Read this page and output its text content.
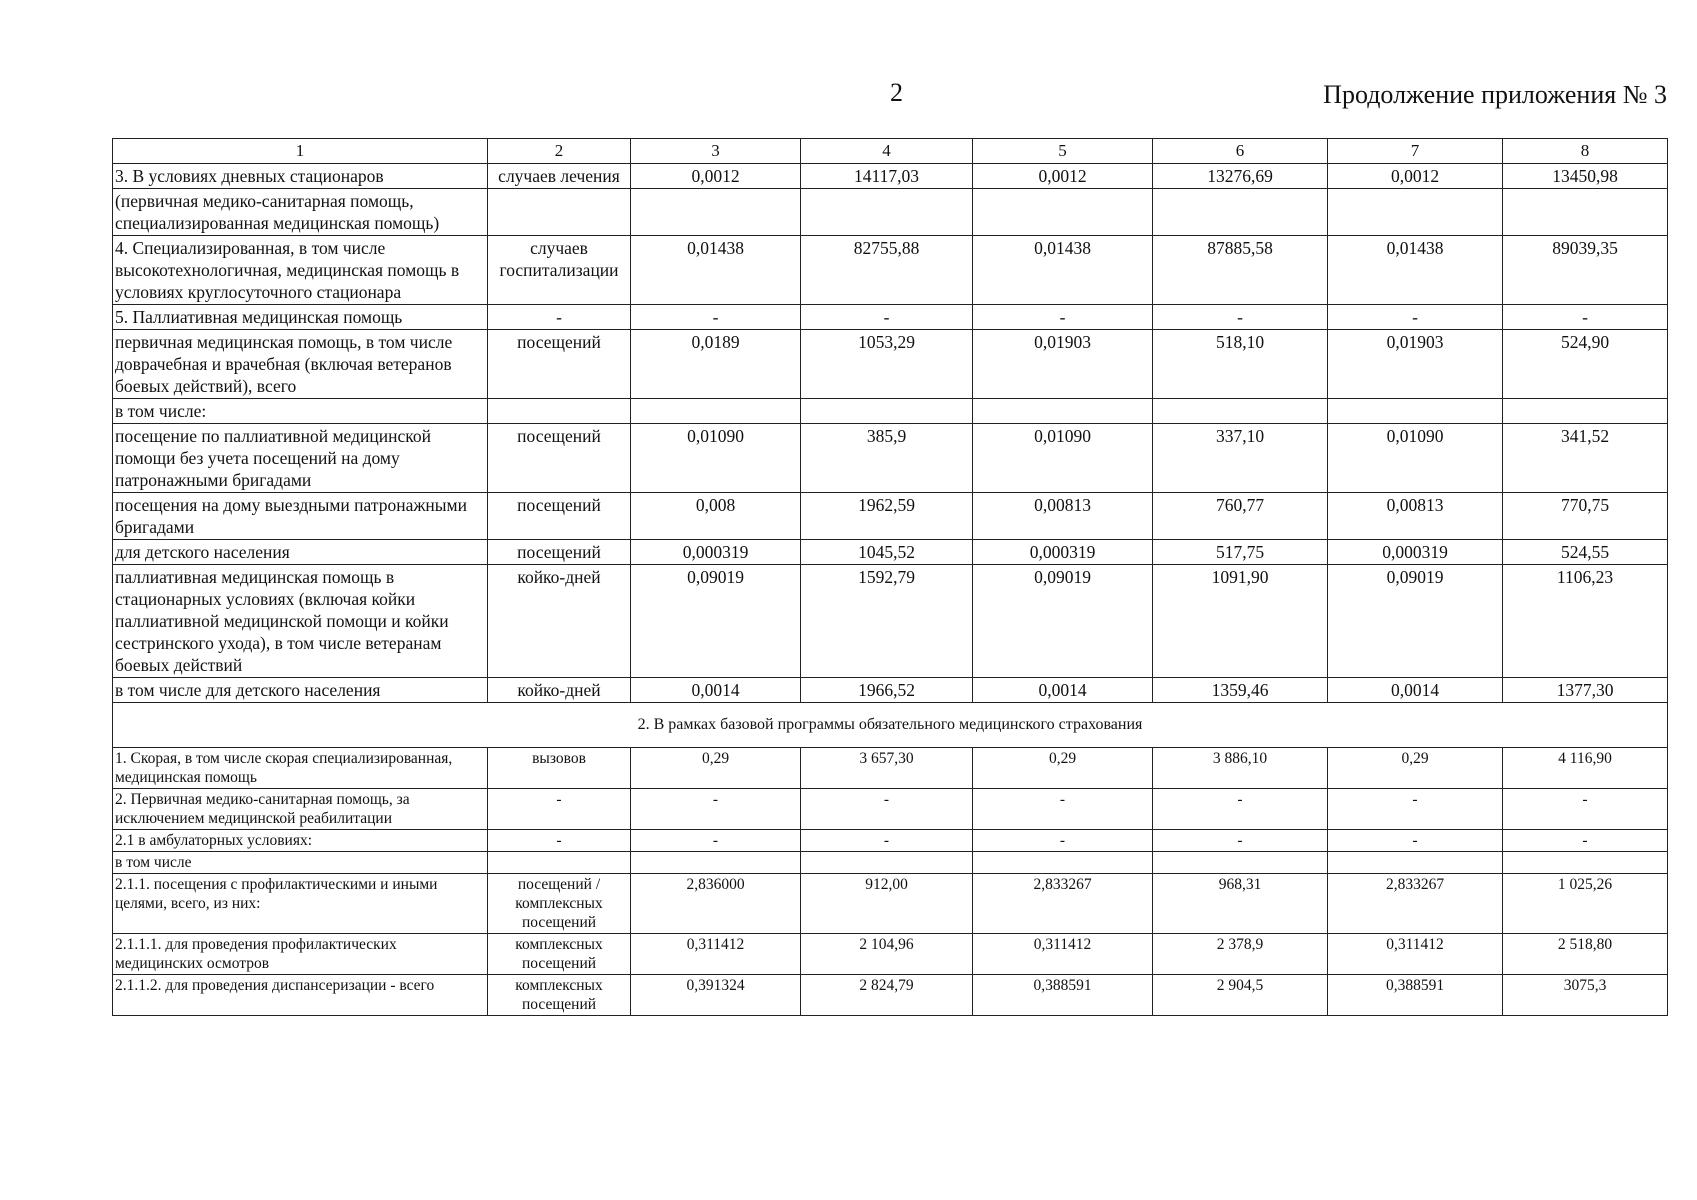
2	Продолжение приложения № 3
1	2	3	4	5	6	7	8
3. В условиях дневных стационаров	случаев лечения	0,0012	14117,03	0,0012	13276,69	0,0012	13450,98
(первичная медико-санитарная помощь, специализированная медицинская помощь)							
4. Специализированная, в том числе высокотехнологичная, медицинская помощь в условиях круглосуточного стационара	случаев госпитализации	0,01438	82755,88	0,01438	87885,58	0,01438	89039,35
5. Паллиативная медицинская помощь	-	-	-	-	-	-	-
первичная медицинская помощь, в том числе доврачебная и врачебная (включая ветеранов боевых действий), всего	посещений	0,0189	1053,29	0,01903	518,10	0,01903	524,90
в том числе:							
посещение по паллиативной медицинской помощи без учета посещений на дому патронажными бригадами	посещений	0,01090	385,9	0,01090	337,10	0,01090	341,52
посещения на дому выездными патронажными бригадами	посещений	0,008	1962,59	0,00813	760,77	0,00813	770,75
для детского населения	посещений	0,000319	1045,52	0,000319	517,75	0,000319	524,55
паллиативная медицинская помощь в стационарных условиях (включая койки паллиативной медицинской помощи и койки сестринского ухода), в том числе ветеранам боевых действий	койко-дней	0,09019	1592,79	0,09019	1091,90	0,09019	1106,23
в том числе для детского населения	койко-дней	0,0014	1966,52	0,0014	1359,46	0,0014	1377,30
2. В рамках базовой программы обязательного медицинского страхования							
1. Скорая, в том числе скорая специализированная, медицинская помощь	вызовов	0,29	3 657,30	0,29	3 886,10	0,29	4 116,90
2. Первичная медико-санитарная помощь, за исключением медицинской реабилитации	-	-	-	-	-	-	-
2.1 в амбулаторных условиях:	-	-	-	-	-	-	-
в том числе							
2.1.1. посещения с профилактическими и иными целями, всего, из них:	посещений /комплексных посещений	2,836000	912,00	2,833267	968,31	2,833267	1 025,26
2.1.1.1. для проведения профилактических медицинских осмотров	комплексных посещений	0,311412	2 104,96	0,311412	2 378,9	0,311412	2 518,80
2.1.1.2. для проведения диспансеризации - всего	комплексных посещений	0,391324	2 824,79	0,388591	2 904,5	0,388591	3075,3
